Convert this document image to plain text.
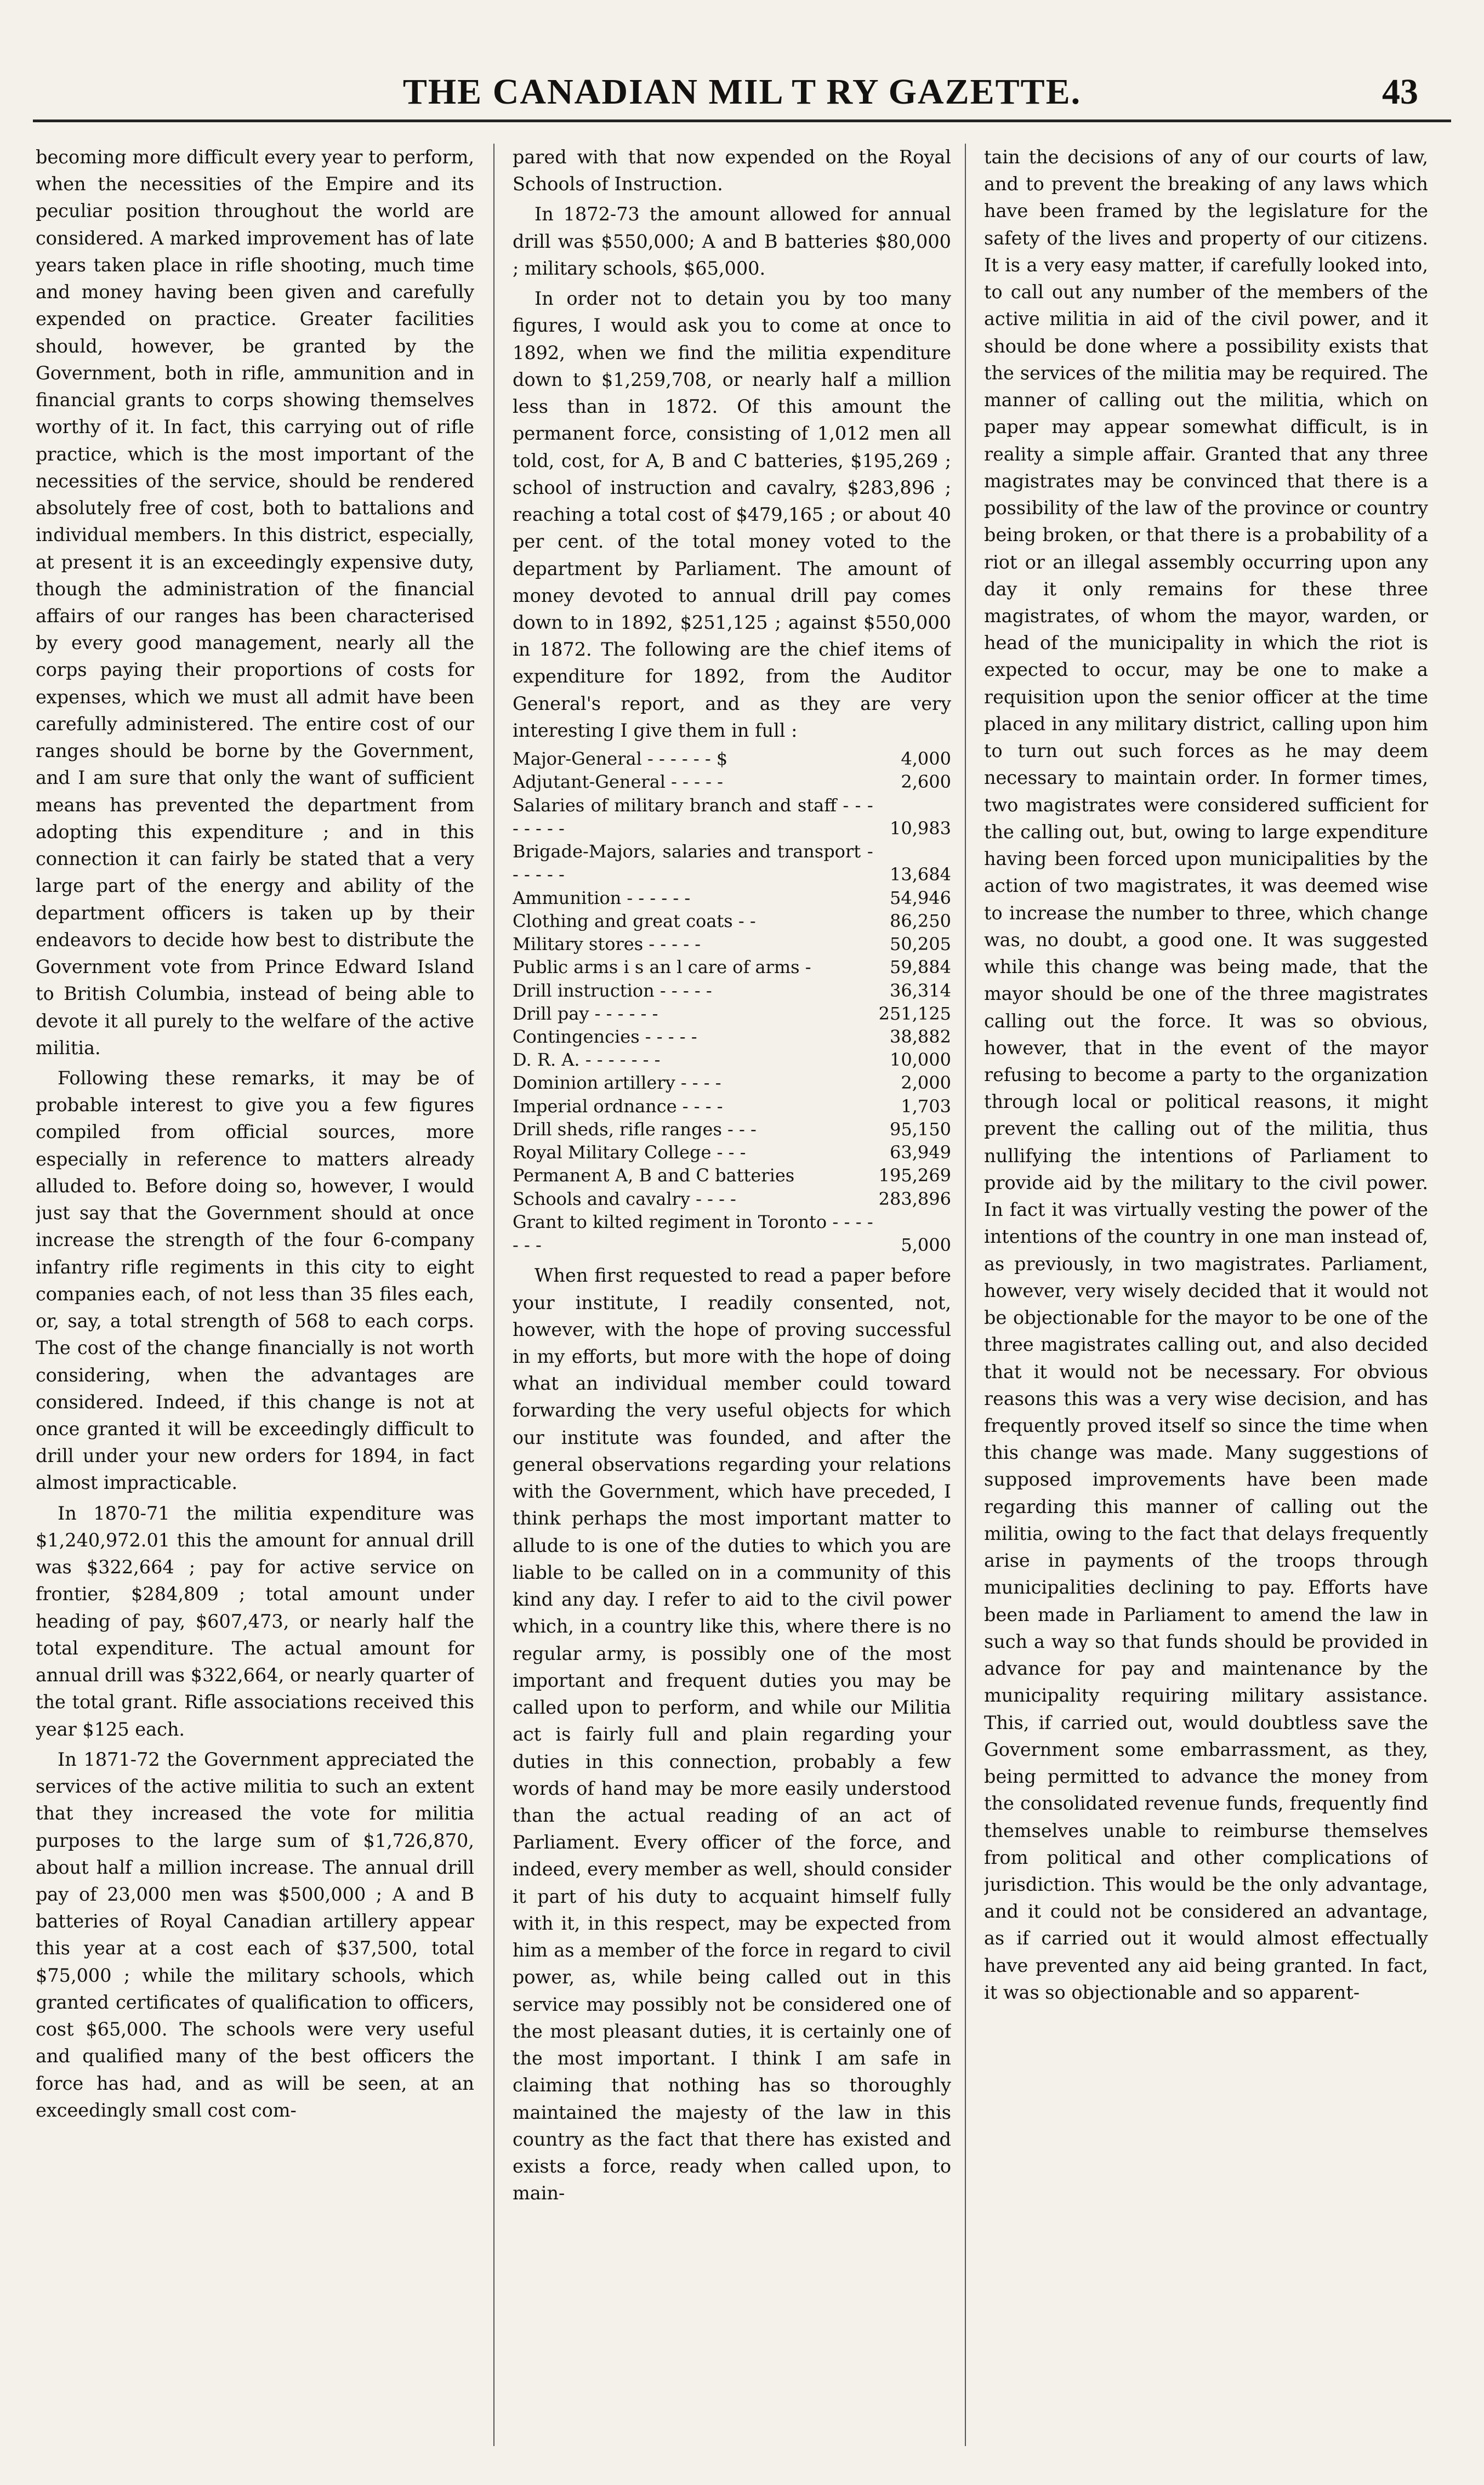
THE CANADIAN MIL T RY GAZETTE.	43

becoming more difficult every year to perform, when the necessities of the Empire and its peculiar position throughout the world are considered. A marked improvement has of late years taken place in rifle shooting, much time and money having been given and carefully expended on practice. Greater facilities should, however, be granted by the Government, both in rifle, ammunition and in financial grants to corps showing themselves worthy of it. In fact, this carrying out of rifle practice, which is the most important of the necessities of the service, should be rendered absolutely free of cost, both to battalions and individual members. In this district, especially, at present it is an exceedingly expensive duty, though the administration of the financial affairs of our ranges has been characterised by every good management, nearly all the corps paying their proportions of costs for expenses, which we must all admit have been carefully administered. The entire cost of our ranges should be borne by the Government, and I am sure that only the want of sufficient means has prevented the department from adopting this expenditure ; and in this connection it can fairly be stated that a very large part of the energy and ability of the department officers is taken up by their endeavors to decide how best to distribute the Government vote from Prince Edward Island to British Columbia, instead of being able to devote it all purely to the welfare of the active militia.

Following these remarks, it may be of probable interest to give you a few figures compiled from official sources, more especially in reference to matters already alluded to. Before doing so, however, I would just say that the Government should at once increase the strength of the four 6-company infantry rifle regiments in this city to eight companies each, of not less than 35 files each, or, say, a total strength of 568 to each corps. The cost of the change financially is not worth considering, when the advantages are considered. Indeed, if this change is not at once granted it will be exceedingly difficult to drill under your new orders for 1894, in fact almost impracticable.

In 1870-71 the militia expenditure was $1,240,972.01 this the amount for annual drill was $322,664 ; pay for active service on frontier, $284,809 ; total amount under heading of pay, $607,473, or nearly half the total expenditure. The actual amount for annual drill was $322,664, or nearly quarter of the total grant. Rifle associations received this year $125 each.

In 1871-72 the Government appreciated the services of the active militia to such an extent that they increased the vote for militia purposes to the large sum of $1,726,870, about half a million increase. The annual drill pay of 23,000 men was $500,000 ; A and B batteries of Royal Canadian artillery appear this year at a cost each of $37,500, total $75,000 ; while the military schools, which granted certificates of qualification to officers, cost $65,000. The schools were very useful and qualified many of the best officers the force has had, and as will be seen, at an exceedingly small cost com-

pared with that now expended on the Royal Schools of Instruction.

In 1872-73 the amount allowed for annual drill was $550,000; A and B batteries $80,000 ; military schools, $65,000.

In order not to detain you by too many figures, I would ask you to come at once to 1892, when we find the militia expenditure down to $1,259,708, or nearly half a million less than in 1872. Of this amount the permanent force, consisting of 1,012 men all told, cost, for A, B and C batteries, $195,269 ; school of instruction and cavalry, $283,896 ; reaching a total cost of $479,165 ; or about 40 per cent. of the total money voted to the department by Parliament. The amount of money devoted to annual drill pay comes down to in 1892, $251,125 ; against $550,000 in 1872. The following are the chief items of expenditure for 1892, from the Auditor General's report, and as they are very interesting I give them in full :

Major-General - - - - - - $	4,000
Adjutant-General - - - - -	2,600
Salaries of military branch and staff - - - - - - - -	10,983
Brigade-Majors, salaries and transport - - - - - -	13,684
Ammunition - - - - - -	54,946
Clothing and great coats - -	86,250
Military stores - - - - -	50,205
Public arms i s an l care of arms -	59,884
Drill instruction - - - - -	36,314
Drill pay - - - - - -	251,125
Contingencies - - - - -	38,882
D. R. A. - - - - - - -	10,000
Dominion artillery - - - -	2,000
Imperial ordnance - - - -	1,703
Drill sheds, rifle ranges - - -	95,150
Royal Military College - - -	63,949
Permanent A, B and C batteries	195,269
Schools and cavalry - - - -	283,896
Grant to kilted regiment in Toronto - - - - - - -	5,000

When first requested to read a paper before your institute, I readily consented, not, however, with the hope of proving successful in my efforts, but more with the hope of doing what an individual member could toward forwarding the very useful objects for which our institute was founded, and after the general observations regarding your relations with the Government, which have preceded, I think perhaps the most important matter to allude to is one of the duties to which you are liable to be called on in a community of this kind any day. I refer to aid to the civil power which, in a country like this, where there is no regular army, is possibly one of the most important and frequent duties you may be called upon to perform, and while our Militia act is fairly full and plain regarding your duties in this connection, probably a few words of hand may be more easily understood than the actual reading of an act of Parliament. Every officer of the force, and indeed, every member as well, should consider it part of his duty to acquaint himself fully with it, in this respect, may be expected from him as a member of the force in regard to civil power, as, while being called out in this service may possibly not be considered one of the most pleasant duties, it is certainly one of the most important. I think I am safe in claiming that nothing has so thoroughly maintained the majesty of the law in this country as the fact that there has existed and exists a force, ready when called upon, to main-

tain the decisions of any of our courts of law, and to prevent the breaking of any laws which have been framed by the legislature for the safety of the lives and property of our citizens. It is a very easy matter, if carefully looked into, to call out any number of the members of the active militia in aid of the civil power, and it should be done where a possibility exists that the services of the militia may be required. The manner of calling out the militia, which on paper may appear somewhat difficult, is in reality a simple affair. Granted that any three magistrates may be convinced that there is a possibility of the law of the province or country being broken, or that there is a probability of a riot or an illegal assembly occurring upon any day it only remains for these three magistrates, of whom the mayor, warden, or head of the municipality in which the riot is expected to occur, may be one to make a requisition upon the senior officer at the time placed in any military district, calling upon him to turn out such forces as he may deem necessary to maintain order. In former times, two magistrates were considered sufficient for the calling out, but, owing to large expenditure having been forced upon municipalities by the action of two magistrates, it was deemed wise to increase the number to three, which change was, no doubt, a good one. It was suggested while this change was being made, that the mayor should be one of the three magistrates calling out the force. It was so obvious, however, that in the event of the mayor refusing to become a party to the organization through local or political reasons, it might prevent the calling out of the militia, thus nullifying the intentions of Parliament to provide aid by the military to the civil power. In fact it was virtually vesting the power of the intentions of the country in one man instead of, as previously, in two magistrates. Parliament, however, very wisely decided that it would not be objectionable for the mayor to be one of the three magistrates calling out, and also decided that it would not be necessary. For obvious reasons this was a very wise decision, and has frequently proved itself so since the time when this change was made. Many suggestions of supposed improvements have been made regarding this manner of calling out the militia, owing to the fact that delays frequently arise in payments of the troops through municipalities declining to pay. Efforts have been made in Parliament to amend the law in such a way so that funds should be provided in advance for pay and maintenance by the municipality requiring military assistance. This, if carried out, would doubtless save the Government some embarrassment, as they, being permitted to advance the money from the consolidated revenue funds, frequently find themselves unable to reimburse themselves from political and other complications of jurisdiction. This would be the only advantage, and it could not be considered an advantage, as if carried out it would almost effectually have prevented any aid being granted. In fact, it was so objectionable and so apparent-
